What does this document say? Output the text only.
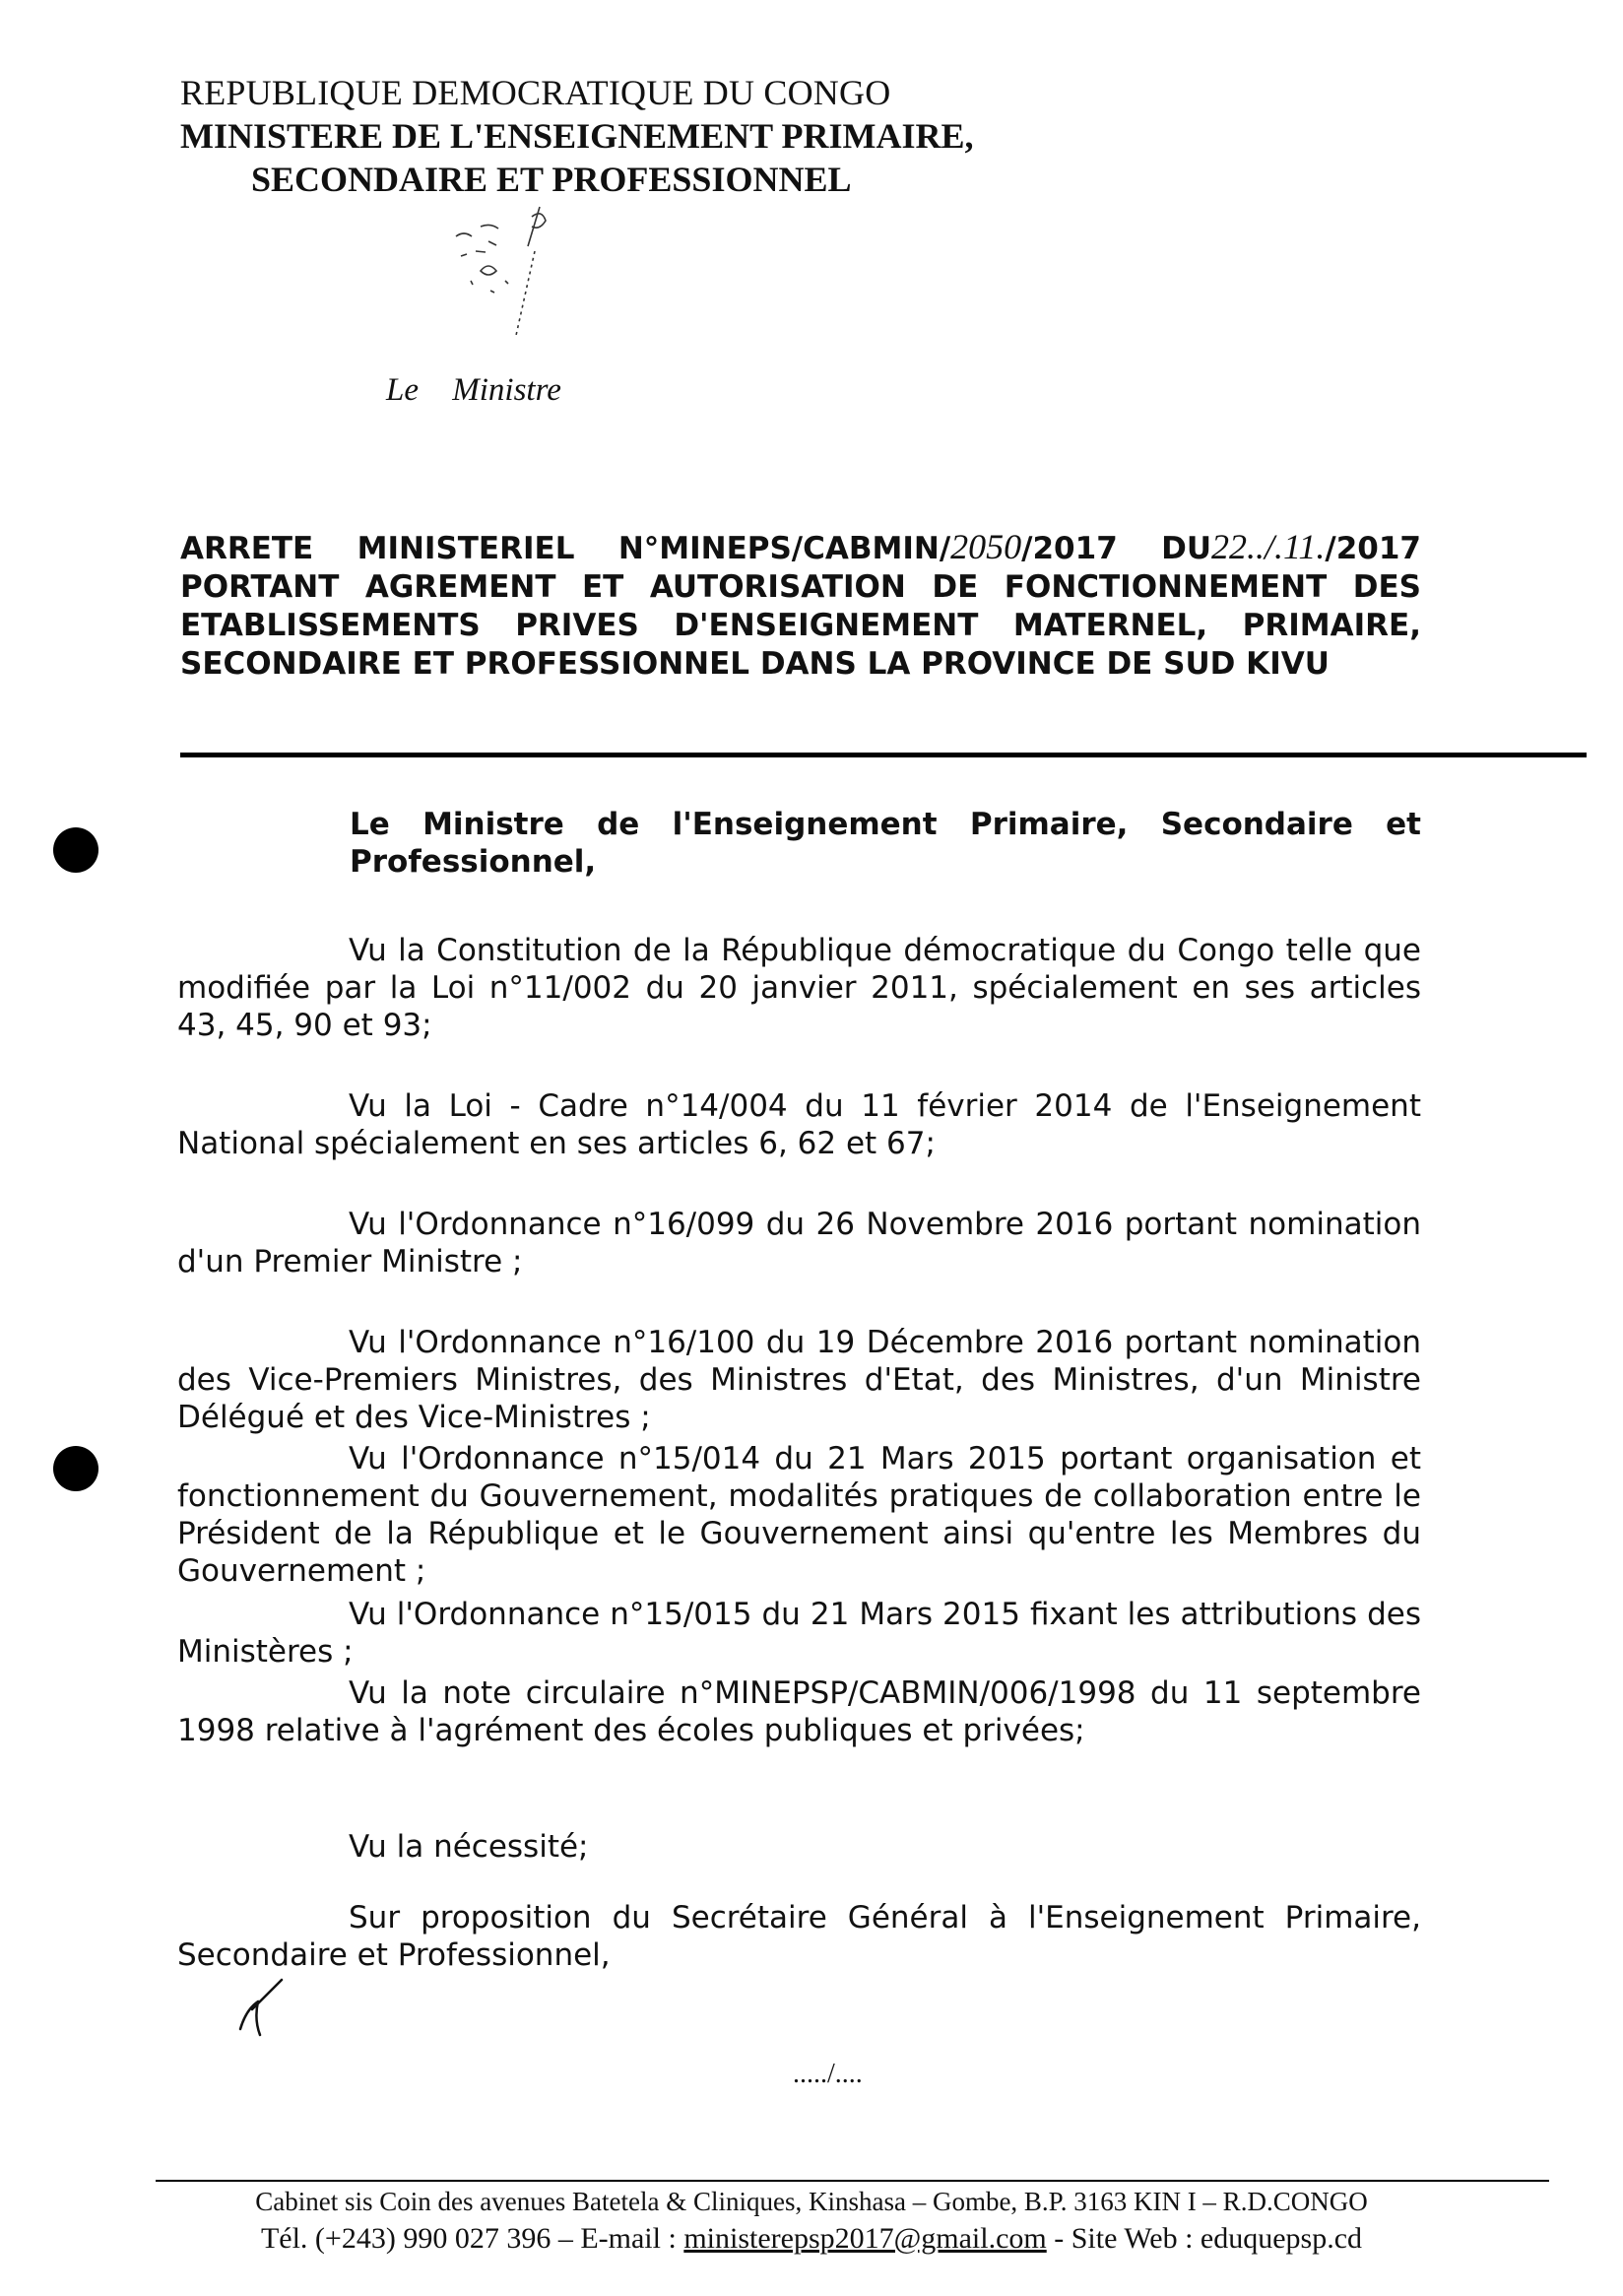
REPUBLIQUE DEMOCRATIQUE DU CONGO
MINISTERE DE L'ENSEIGNEMENT PRIMAIRE,
SECONDAIRE ET PROFESSIONNEL
Le Ministre
ARRETE MINISTERIEL N°MINEPS/CABMIN/2050/2017 DU22../.11./2017 PORTANT AGREMENT ET AUTORISATION DE FONCTIONNEMENT DES ETABLISSEMENTS PRIVES D'ENSEIGNEMENT MATERNEL, PRIMAIRE, SECONDAIRE ET PROFESSIONNEL DANS LA PROVINCE DE SUD KIVU
Le Ministre de l'Enseignement Primaire, Secondaire et Professionnel,

Vu la Constitution de la République démocratique du Congo telle que modifiée par la Loi n°11/002 du 20 janvier 2011, spécialement en ses articles 43, 45, 90 et 93;

Vu la Loi - Cadre n°14/004 du 11 février 2014 de l'Enseignement National spécialement en ses articles 6, 62 et 67;

Vu l'Ordonnance n°16/099 du 26 Novembre 2016 portant nomination d'un Premier Ministre ;

Vu l'Ordonnance n°16/100 du 19 Décembre 2016 portant nomination des Vice-Premiers Ministres, des Ministres d'Etat, des Ministres, d'un Ministre Délégué et des Vice-Ministres ;

Vu l'Ordonnance n°15/014 du 21 Mars 2015 portant organisation et fonctionnement du Gouvernement, modalités pratiques de collaboration entre le Président de la République et le Gouvernement ainsi qu'entre les Membres du Gouvernement ;

Vu l'Ordonnance n°15/015 du 21 Mars 2015 fixant les attributions des Ministères ;

Vu la note circulaire n°MINEPSP/CABMIN/006/1998 du 11 septembre 1998 relative à l'agrément des écoles publiques et privées;

Vu la nécessité;

Sur proposition du Secrétaire Général à l'Enseignement Primaire, Secondaire et Professionnel,

...../....
Cabinet sis Coin des avenues Batetela & Cliniques, Kinshasa – Gombe, B.P. 3163 KIN I – R.D.CONGO
Tél. (+243) 990 027 396 – E-mail : ministerepsp2017@gmail.com - Site Web : eduquepsp.cd
